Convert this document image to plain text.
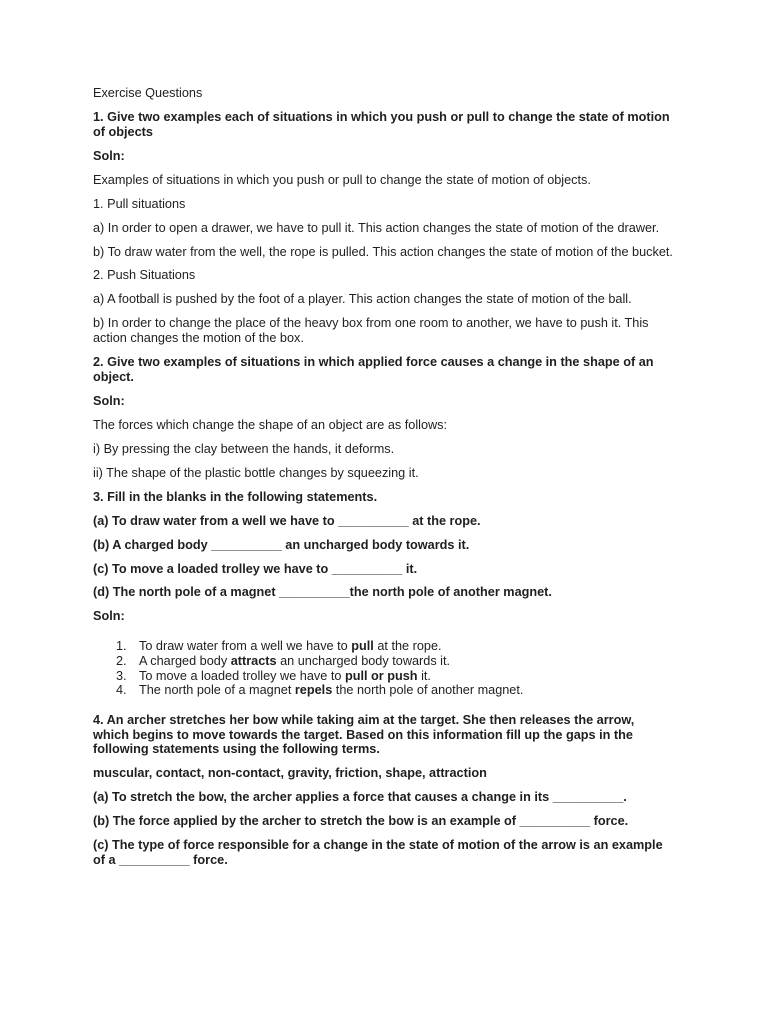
Exercise Questions
1. Give two examples each of situations in which you push or pull to change the state of motion of objects
Soln:
Examples of situations in which you push or pull to change the state of motion of objects.
1. Pull situations
a) In order to open a drawer, we have to pull it. This action changes the state of motion of the drawer.
b) To draw water from the well, the rope is pulled. This action changes the state of motion of the bucket.
2. Push Situations
a) A football is pushed by the foot of a player. This action changes the state of motion of the ball.
b) In order to change the place of the heavy box from one room to another, we have to push it. This action changes the motion of the box.
2. Give two examples of situations in which applied force causes a change in the shape of an object.
Soln:
The forces which change the shape of an object are as follows:
i) By pressing the clay between the hands, it deforms.
ii) The shape of the plastic bottle changes by squeezing it.
3. Fill in the blanks in the following statements.
(a) To draw water from a well we have to __________ at the rope.
(b) A charged body __________ an uncharged body towards it.
(c) To move a loaded trolley we have to __________ it.
(d) The north pole of a magnet __________the north pole of another magnet.
Soln:
1. To draw water from a well we have to pull at the rope.
2. A charged body attracts an uncharged body towards it.
3. To move a loaded trolley we have to pull or push it.
4. The north pole of a magnet repels the north pole of another magnet.
4. An archer stretches her bow while taking aim at the target. She then releases the arrow, which begins to move towards the target. Based on this information fill up the gaps in the following statements using the following terms.
muscular, contact, non-contact, gravity, friction, shape, attraction
(a) To stretch the bow, the archer applies a force that causes a change in its __________.
(b) The force applied by the archer to stretch the bow is an example of __________ force.
(c) The type of force responsible for a change in the state of motion of the arrow is an example of a __________ force.
